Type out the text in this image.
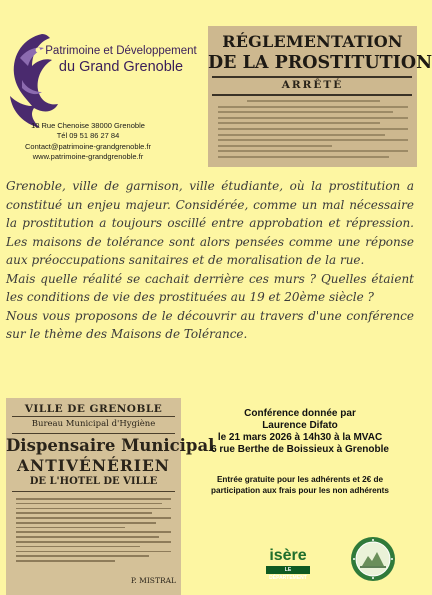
Patrimoine et Développement
du Grand Grenoble
10 Rue Chenoise 38000 Grenoble
Tél 09 51 86 27 84
Contact@patrimoine-grandgrenoble.fr
www.patrimoine-grandgrenoble.fr
RÉGLEMENTATION
DE LA PROSTITUTION
ARRÊTÉ

Grenoble, ville de garnison, ville étudiante, où la prostitution a constitué un enjeu majeur. Considérée, comme un mal nécessaire la prostitution a toujours oscillé entre approbation et répression. Les maisons de tolérance sont alors pensées comme une réponse aux préoccupations sanitaires et de moralisation de la rue.

Mais quelle réalité se cachait derrière ces murs ? Quelles étaient les conditions de vie des prostituées au 19 et 20ème siècle ?

Nous vous proposons de le découvrir au travers d'une conférence sur le thème des Maisons de Tolérance.

VILLE DE GRENOBLE
Bureau Municipal d'Hygiène
Dispensaire Municipal
ANTIVÉNÉRIEN
DE L'HOTEL DE VILLE
P. MISTRAL
Conférence donnée par
Laurence Difato
le 21 mars 2026 à 14h30 à la MVAC
6 rue Berthe de Boissieux à Grenoble
Entrée gratuite pour les adhérents et 2€ de
participation aux frais pour les non adhérents
isère
LE DÉPARTEMENT
